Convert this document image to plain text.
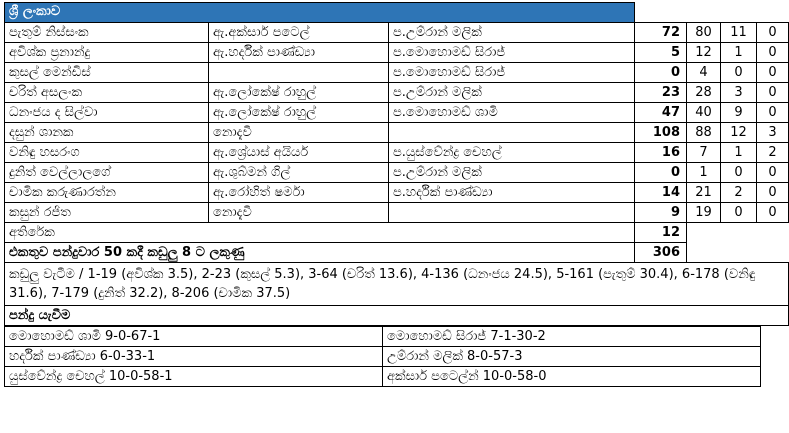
ශ්‍රී ලංකාව						
පැතුම් නිස්සංක	ඇ.අක්සාර් පටෙල්	ප.උම්රාන් මලික්	72	80	11	0
අවිශ්ක ප්‍රනාන්දු	ඇ.හර්දික් පාණ්ඩ්‍යා	ප.මොහොමඩ් සිරාජ්	5	12	1	0
කුසල් මෙන්ඩිස්		ප.මොහොමඩ් සිරාජ්	0	4	0	0
චරිත් අසලංක	ඇ.ලෝකේෂ් රාහුල්	ප.උම්රාන් මලික්	23	28	3	0
ධනංජය ද සිල්වා	ඇ.ලෝකේෂ් රාහුල්	ප.මොහොමඩ් ශාමි	47	40	9	0
දසුන් ශානක	නොදැවී		108	88	12	3
වනිඳු හසරංග	ඇ.ශ්‍රේයාස් අයියර්	ප.යුස්වේන්ද්‍ර චෙහල්	16	7	1	2
දුනිත් වෙල්ලාලගේ	ඇ.ශුබ්මන් ගිල්	ප.උම්රාන් මලික්	0	1	0	0
චාමික කරුණාරත්න	ඇ.රෝහිත් ෂර්මා	ප.හර්දික් පාණ්ඩ්‍යා	14	21	2	0
කසුන් රජිත	නොදැවී		9	19	0	0
අතිරේක			12			
එකතුව පන්දුවාර 50 කදී කඩුලු 8 ට ලකුණු			306			
කඩුලු වැටීම / 1-19 (අවිශ්ක 3.5), 2-23 (කුසල් 5.3), 3-64 (චරිත් 13.6), 4-136 (ධනංජය 24.5), 5-161 (පැතුම් 30.4), 6-178 (වනිඳු 31.6), 7-179 (දුනිත් 32.2), 8-206 (චාමික 37.5)						
පන්දු යැවීම						
මොහොමඩ් ශාමි 9-0-67-1	මොහොමඩ් සිරාජ් 7-1-30-2
හර්දික් පාණ්ඩ්‍යා 6-0-33-1	උම්රාන් මලික් 8-0-57-3
යුස්වේන්ද්‍ර චෙහල් 10-0-58-1	අක්සාර් පටෙල්න් 10-0-58-0
